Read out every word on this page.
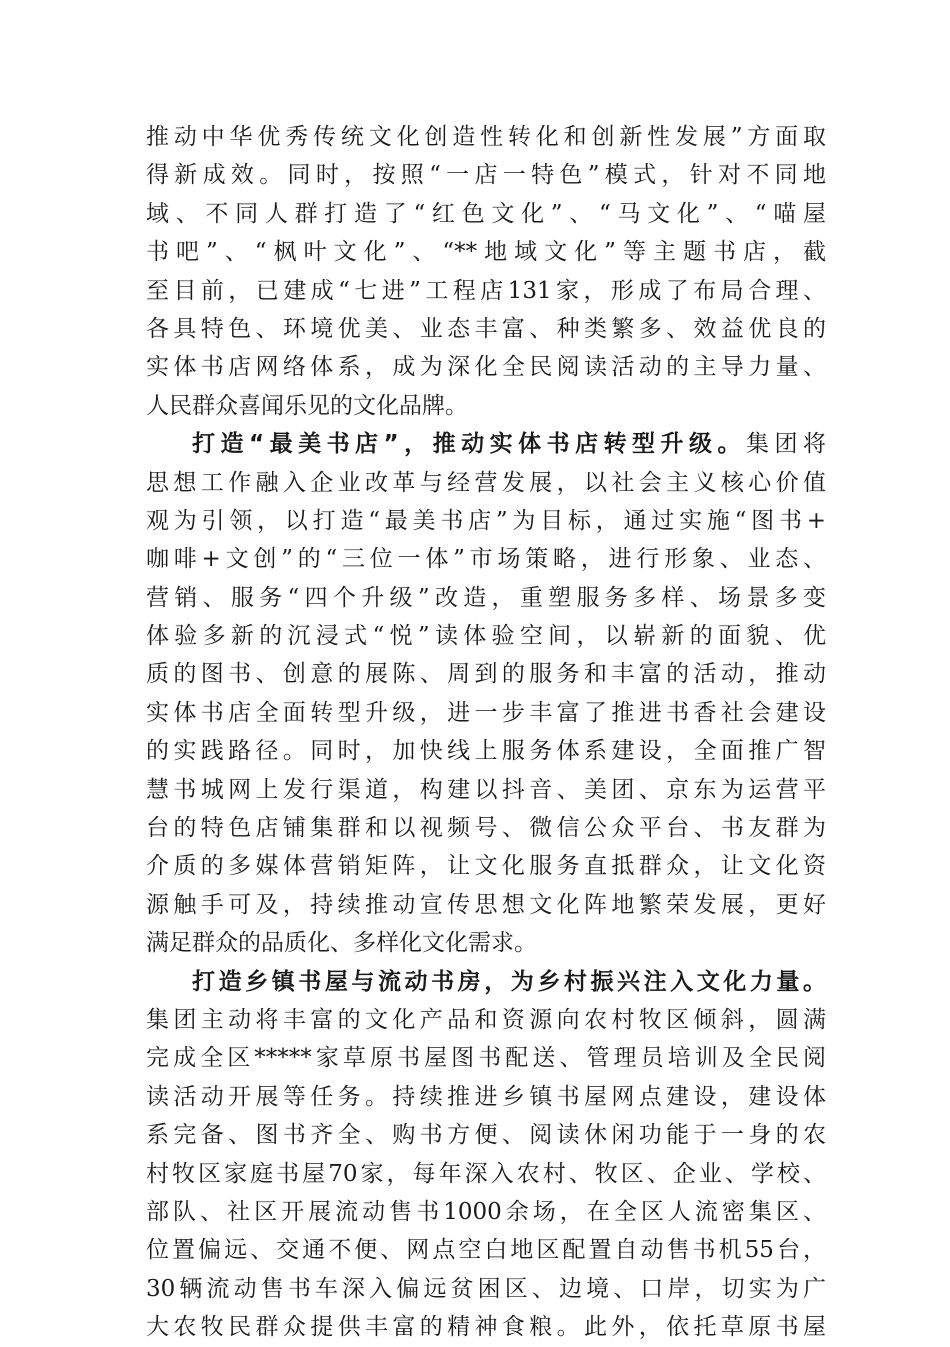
推动中华优秀传统文化创造性转化和创新性发展”方面取
得新成效。同时，按照“一店一特色”模式，针对不同地
域、不同人群打造了“红色文化”、“马文化”、“喵屋
书吧”、“枫叶文化”、“**地域文化”等主题书店，截
至目前，已建成“七进”工程店131家，形成了布局合理、
各具特色、环境优美、业态丰富、种类繁多、效益优良的
实体书店网络体系，成为深化全民阅读活动的主导力量、
人民群众喜闻乐见的文化品牌。
打造“最美书店”，推动实体书店转型升级。集团将
思想工作融入企业改革与经营发展，以社会主义核心价值
观为引领，以打造“最美书店”为目标，通过实施“图书+
咖啡+文创”的“三位一体”市场策略，进行形象、业态、
营销、服务“四个升级”改造，重塑服务多样、场景多变
体验多新的沉浸式“悦”读体验空间，以崭新的面貌、优
质的图书、创意的展陈、周到的服务和丰富的活动，推动
实体书店全面转型升级，进一步丰富了推进书香社会建设
的实践路径。同时，加快线上服务体系建设，全面推广智
慧书城网上发行渠道，构建以抖音、美团、京东为运营平
台的特色店铺集群和以视频号、微信公众平台、书友群为
介质的多媒体营销矩阵，让文化服务直抵群众，让文化资
源触手可及，持续推动宣传思想文化阵地繁荣发展，更好
满足群众的品质化、多样化文化需求。
打造乡镇书屋与流动书房，为乡村振兴注入文化力量。
集团主动将丰富的文化产品和资源向农村牧区倾斜，圆满
完成全区*****家草原书屋图书配送、管理员培训及全民阅
读活动开展等任务。持续推进乡镇书屋网点建设，建设体
系完备、图书齐全、购书方便、阅读休闲功能于一身的农
村牧区家庭书屋70家，每年深入农村、牧区、企业、学校、
部队、社区开展流动售书1000余场，在全区人流密集区、
位置偏远、交通不便、网点空白地区配置自动售书机55台，
30辆流动售书车深入偏远贫困区、边境、口岸，切实为广
大农牧民群众提供丰富的精神食粮。此外，依托草原书屋
